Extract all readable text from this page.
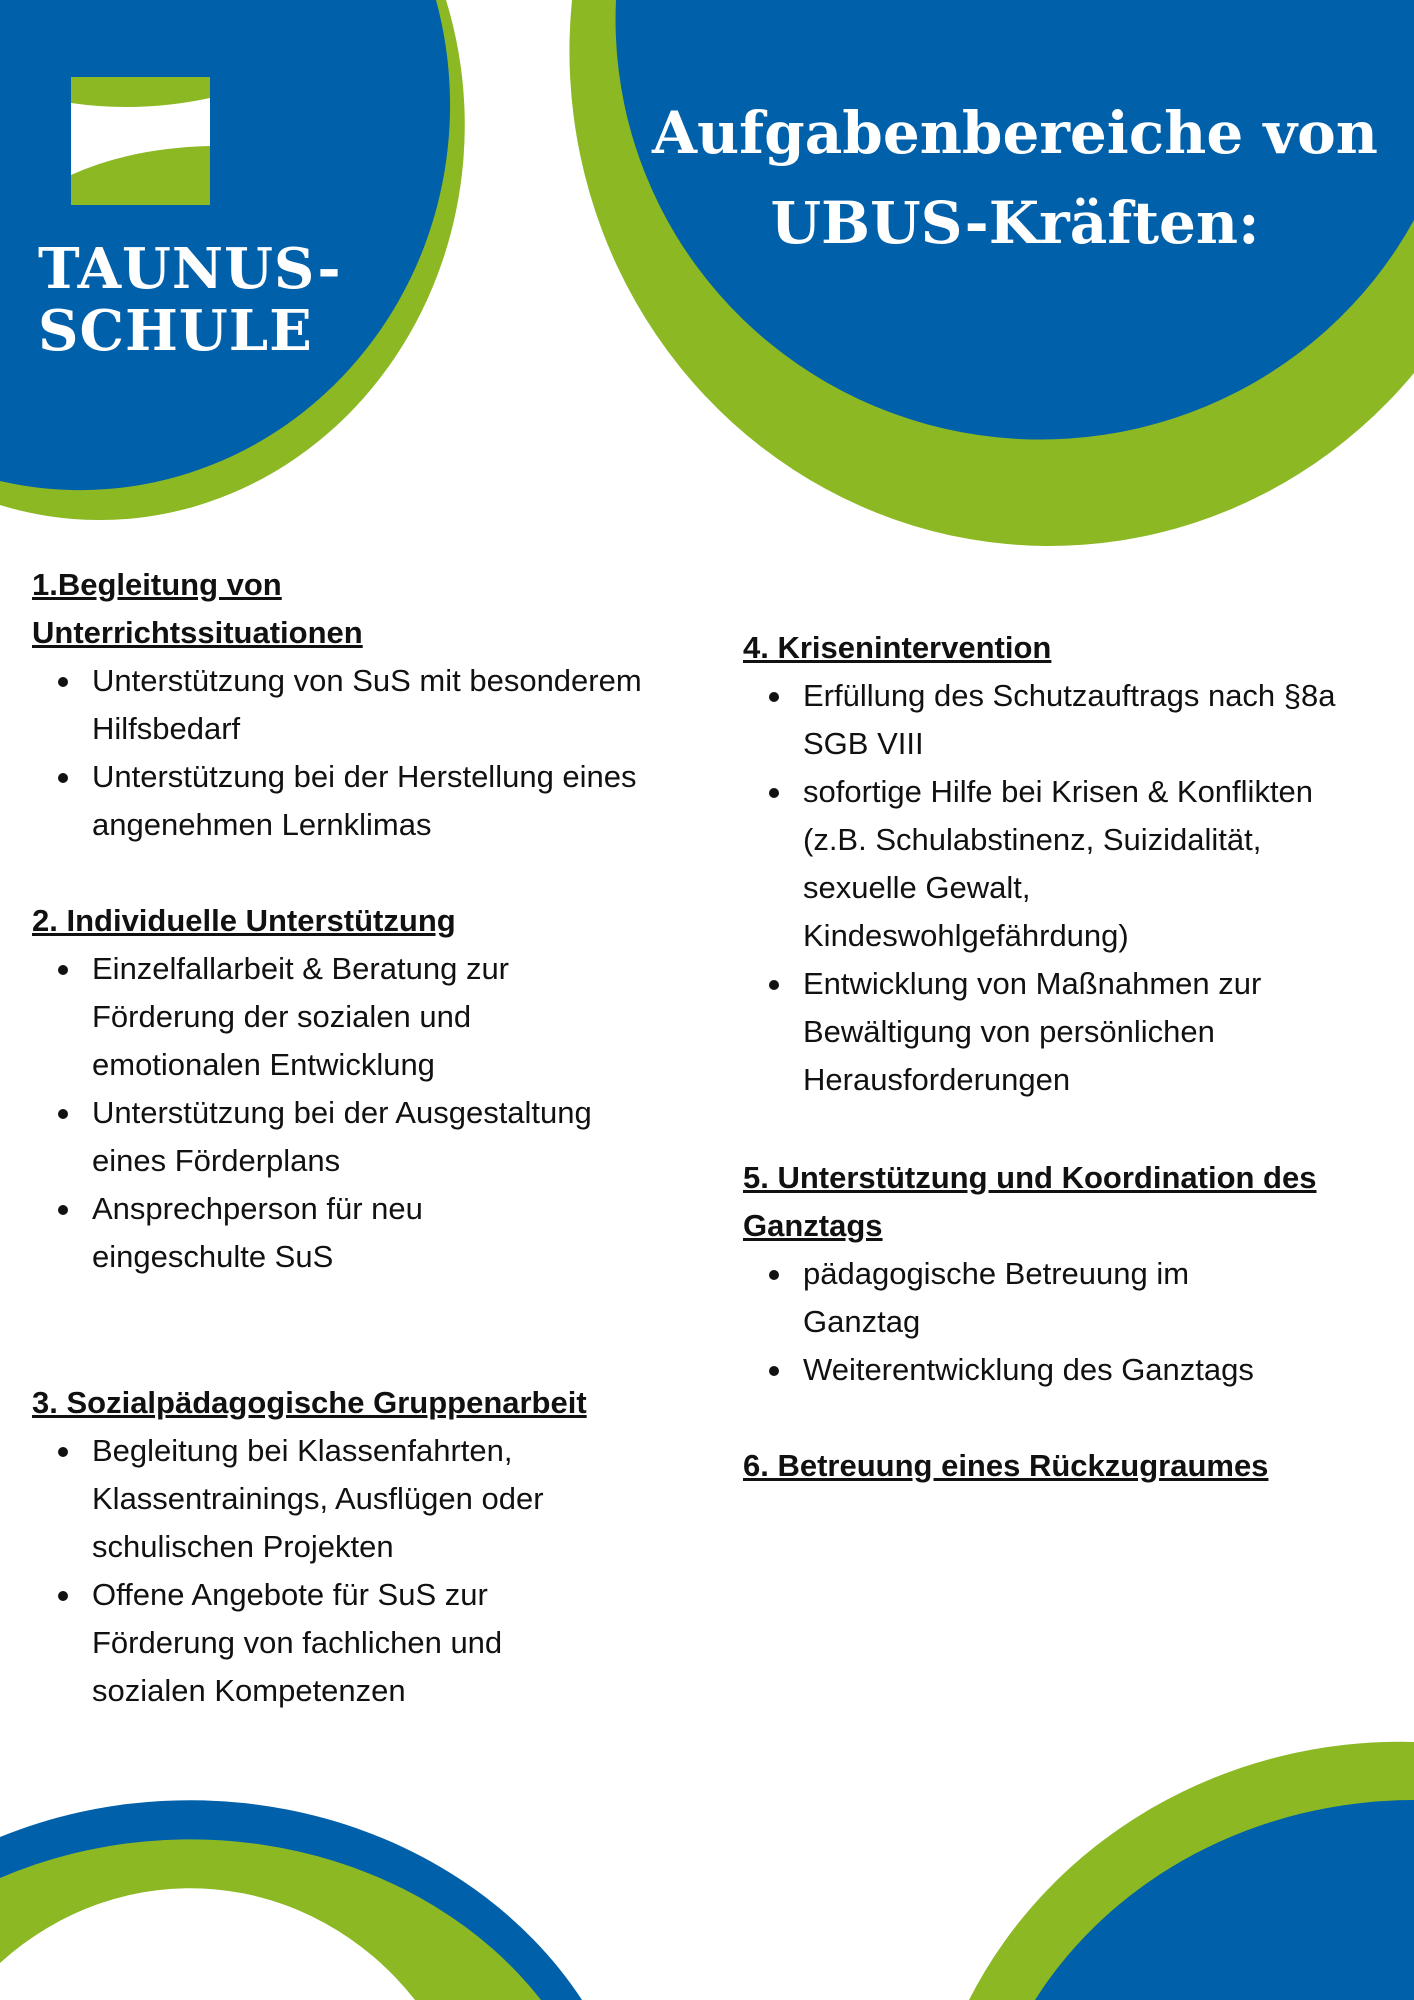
TAUNUS-
SCHULE
Aufgabenbereiche von
UBUS-Kräften:
1.Begleitung von Unterrichtssituationen
Unterstützung von SuS mit besonderem Hilfsbedarf
Unterstützung bei der Herstellung eines angenehmen Lernklimas
2. Individuelle Unterstützung
Einzelfallarbeit & Beratung zur Förderung der sozialen und emotionalen Entwicklung
Unterstützung bei der Ausgestaltung eines Förderplans
Ansprechperson für neu eingeschulte SuS
3. Sozialpädagogische Gruppenarbeit
Begleitung bei Klassenfahrten, Klassentrainings, Ausflügen oder schulischen Projekten
Offene Angebote für SuS zur Förderung von fachlichen und sozialen Kompetenzen
4. Krisenintervention
Erfüllung des Schutzauftrags nach §8a SGB VIII
sofortige Hilfe bei Krisen & Konflikten (z.B. Schulabstinenz, Suizidalität, sexuelle Gewalt, Kindeswohlgefährdung)
Entwicklung von Maßnahmen zur Bewältigung von persönlichen Herausforderungen
5. Unterstützung und Koordination des Ganztags
pädagogische Betreuung im Ganztag
Weiterentwicklung des Ganztags
6. Betreuung eines Rückzugraumes
